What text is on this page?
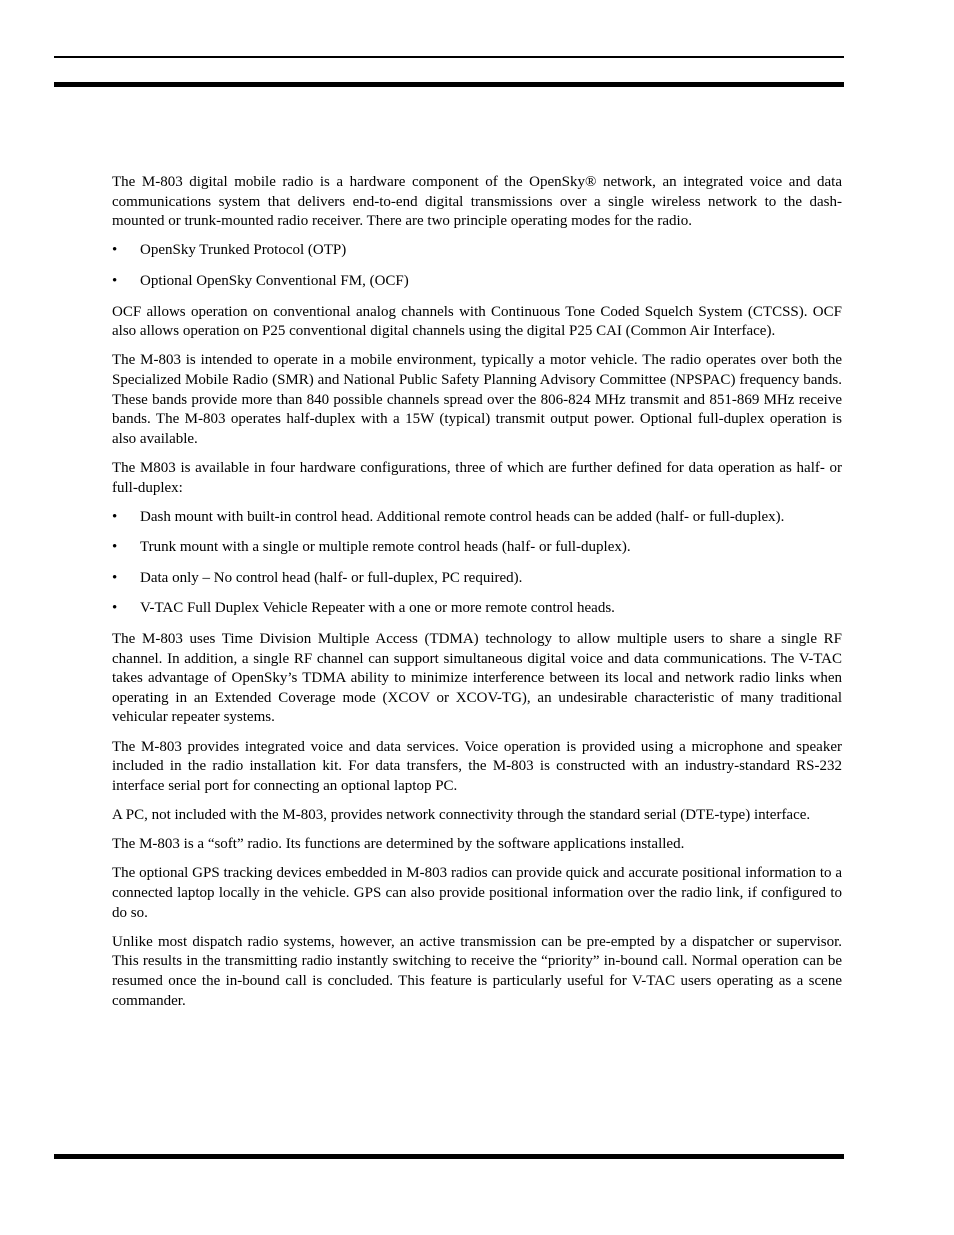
The M-803 digital mobile radio is a hardware component of the OpenSky® network, an integrated voice and data communications system that delivers end-to-end digital transmissions over a single wireless network to the dash-mounted or trunk-mounted radio receiver. There are two principle operating modes for the radio.

•	OpenSky Trunked Protocol (OTP)
•	Optional OpenSky Conventional FM, (OCF)

OCF allows operation on conventional analog channels with Continuous Tone Coded Squelch System (CTCSS). OCF also allows operation on P25 conventional digital channels using the digital P25 CAI (Common Air Interface).

The M-803 is intended to operate in a mobile environment, typically a motor vehicle. The radio operates over both the Specialized Mobile Radio (SMR) and National Public Safety Planning Advisory Committee (NPSPAC) frequency bands. These bands provide more than 840 possible channels spread over the 806-824 MHz transmit and 851-869 MHz receive bands. The M-803 operates half-duplex with a 15W (typical) transmit output power. Optional full-duplex operation is also available.

The M803 is available in four hardware configurations, three of which are further defined for data operation as half- or full-duplex:

•	Dash mount with built-in control head. Additional remote control heads can be added (half- or full-duplex).
•	Trunk mount with a single or multiple remote control heads (half- or full-duplex).
•	Data only – No control head (half- or full-duplex, PC required).
•	V-TAC Full Duplex Vehicle Repeater with a one or more remote control heads.

The M-803 uses Time Division Multiple Access (TDMA) technology to allow multiple users to share a single RF channel. In addition, a single RF channel can support simultaneous digital voice and data communications. The V-TAC takes advantage of OpenSky’s TDMA ability to minimize interference between its local and network radio links when operating in an Extended Coverage mode (XCOV or XCOV-TG), an undesirable characteristic of many traditional vehicular repeater systems.

The M-803 provides integrated voice and data services. Voice operation is provided using a microphone and speaker included in the radio installation kit. For data transfers, the M-803 is constructed with an industry-standard RS-232 interface serial port for connecting an optional laptop PC.

A PC, not included with the M-803, provides network connectivity through the standard serial (DTE-type) interface.

The M-803 is a “soft” radio. Its functions are determined by the software applications installed.

The optional GPS tracking devices embedded in M-803 radios can provide quick and accurate positional information to a connected laptop locally in the vehicle. GPS can also provide positional information over the radio link, if configured to do so.

Unlike most dispatch radio systems, however, an active transmission can be pre-empted by a dispatcher or supervisor. This results in the transmitting radio instantly switching to receive the “priority” in-bound call. Normal operation can be resumed once the in-bound call is concluded. This feature is particularly useful for V-TAC users operating as a scene commander.
